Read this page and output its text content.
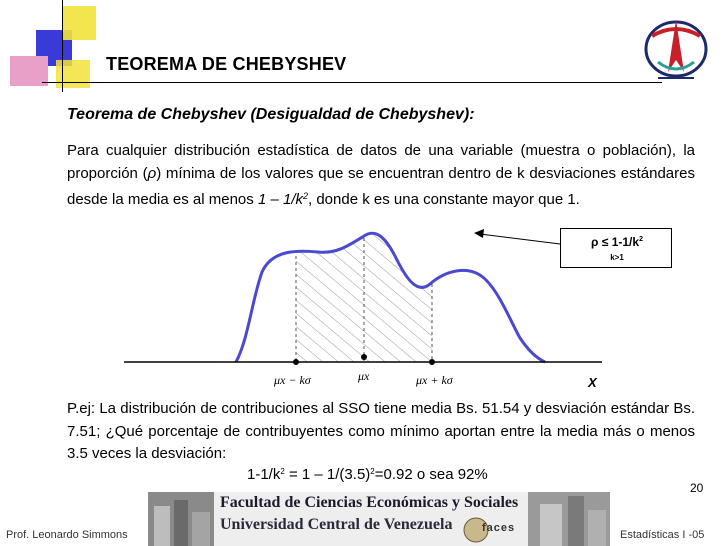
TEOREMA DE CHEBYSHEV
Teorema de Chebyshev (Desigualdad de Chebyshev):
Para cualquier distribución estadística de datos de una variable (muestra o población), la proporción (ρ) mínima de los valores que se encuentran dentro de k desviaciones estándares desde la media es al menos $1 - 1/k^2$, donde k es una constante mayor que 1.
μx − kσ	μx	μx + kσ	X
$\rho \le 1-1/k^2$
k>1
P.ej: La distribución de contribuciones al SSO tiene media Bs. 51.54 y desviación estándar Bs. 7.51; ¿Qué porcentaje de contribuyentes como mínimo aportan entre la media más o menos 3.5 veces la desviación:
$1-1/k^2 = 1 - 1/(3.5)^2=0.92$ o sea 92%
20
Facultad de Ciencias Económicas y Sociales
Universidad Central de Venezuela	faces
Prof. Leonardo Simmons	Estadísticas I -05
